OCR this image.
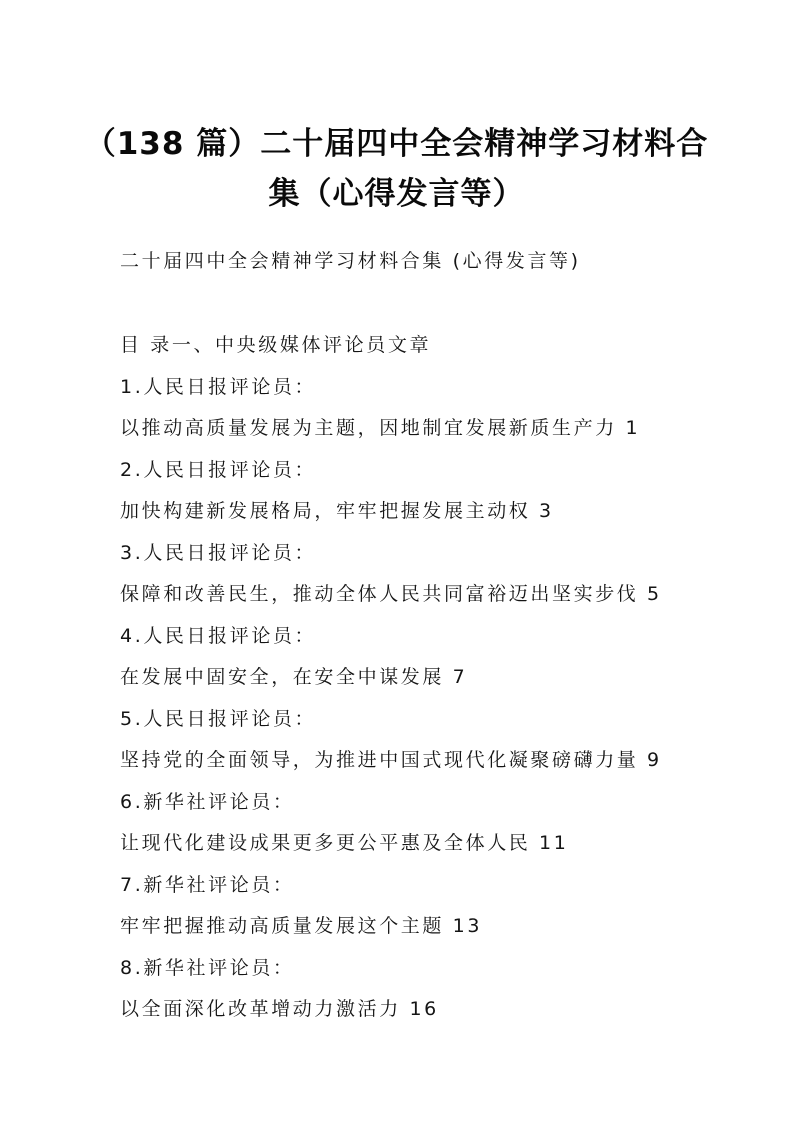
（138 篇）二十届四中全会精神学习材料合
集（心得发言等）
二十届四中全会精神学习材料合集 (心得发言等)
目 录一、中央级媒体评论员文章
1.人民日报评论员：
以推动高质量发展为主题，因地制宜发展新质生产力 1
2.人民日报评论员：
加快构建新发展格局，牢牢把握发展主动权 3
3.人民日报评论员：
保障和改善民生，推动全体人民共同富裕迈出坚实步伐 5
4.人民日报评论员：
在发展中固安全，在安全中谋发展 7
5.人民日报评论员：
坚持党的全面领导，为推进中国式现代化凝聚磅礴力量 9
6.新华社评论员：
让现代化建设成果更多更公平惠及全体人民 11
7.新华社评论员：
牢牢把握推动高质量发展这个主题 13
8.新华社评论员：
以全面深化改革增动力激活力 16
